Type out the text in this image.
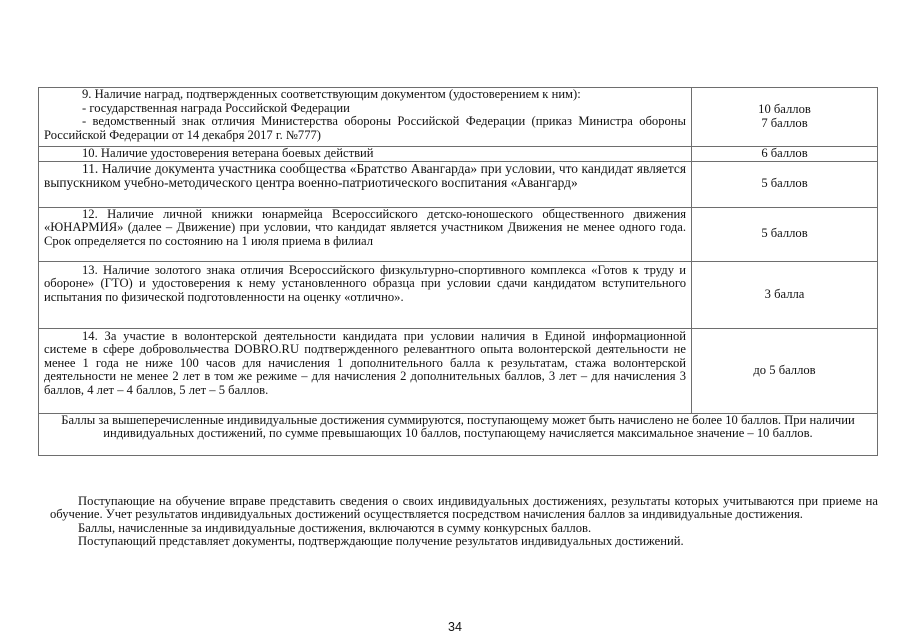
9. Наличие наград, подтвержденных соответствующим документом (удостоверением к ним):
- государственная награда Российской Федерации
- ведомственный знак отличия Министерства обороны Российской Федерации (приказ Министра обороны Российской Федерации от 14 декабря 2017 г. №777)	10 баллов
7 баллов

10. Наличие удостоверения ветерана боевых действий	6 баллов
11. Наличие документа участника сообщества «Братство Авангарда» при условии, что кандидат является выпускником учебно-методического центра военно-патриотического воспитания «Авангард»	5 баллов
12. Наличие личной книжки юнармейца Всероссийского детско-юношеского общественного движения «ЮНАРМИЯ» (далее – Движение) при условии, что кандидат является участником Движения не менее одного года. Срок определяется по состоянию на 1 июля приема в филиал	5 баллов
13. Наличие золотого знака отличия Всероссийского физкультурно-спортивного комплекса «Готов к труду и обороне» (ГТО) и удостоверения к нему установленного образца при условии сдачи кандидатом вступительного испытания по физической подготовленности на оценку «отлично».	3 балла
14. За участие в волонтерской деятельности кандидата при условии наличия в Единой информационной системе в сфере добровольчества DOBRO.RU подтвержденного релевантного опыта волонтерской деятельности не менее 1 года не ниже 100 часов для начисления 1 дополнительного балла к результатам, стажа волонтерской деятельности не менее 2 лет в том же режиме – для начисления 2 дополнительных баллов, 3 лет – для начисления 3 баллов, 4 лет – 4 баллов, 5 лет – 5 баллов.	до 5 баллов
Баллы за вышеперечисленные индивидуальные достижения суммируются, поступающему может быть начислено не более 10 баллов. При наличии индивидуальных достижений, по сумме превышающих 10 баллов, поступающему начисляется максимальное значение – 10 баллов.	

Поступающие на обучение вправе представить сведения о своих индивидуальных достижениях, результаты которых учитываются при приеме на обучение. Учет результатов индивидуальных достижений осуществляется посредством начисления баллов за индивидуальные достижения.

Баллы, начисленные за индивидуальные достижения, включаются в сумму конкурсных баллов.

Поступающий представляет документы, подтверждающие получение результатов индивидуальных достижений.

34
